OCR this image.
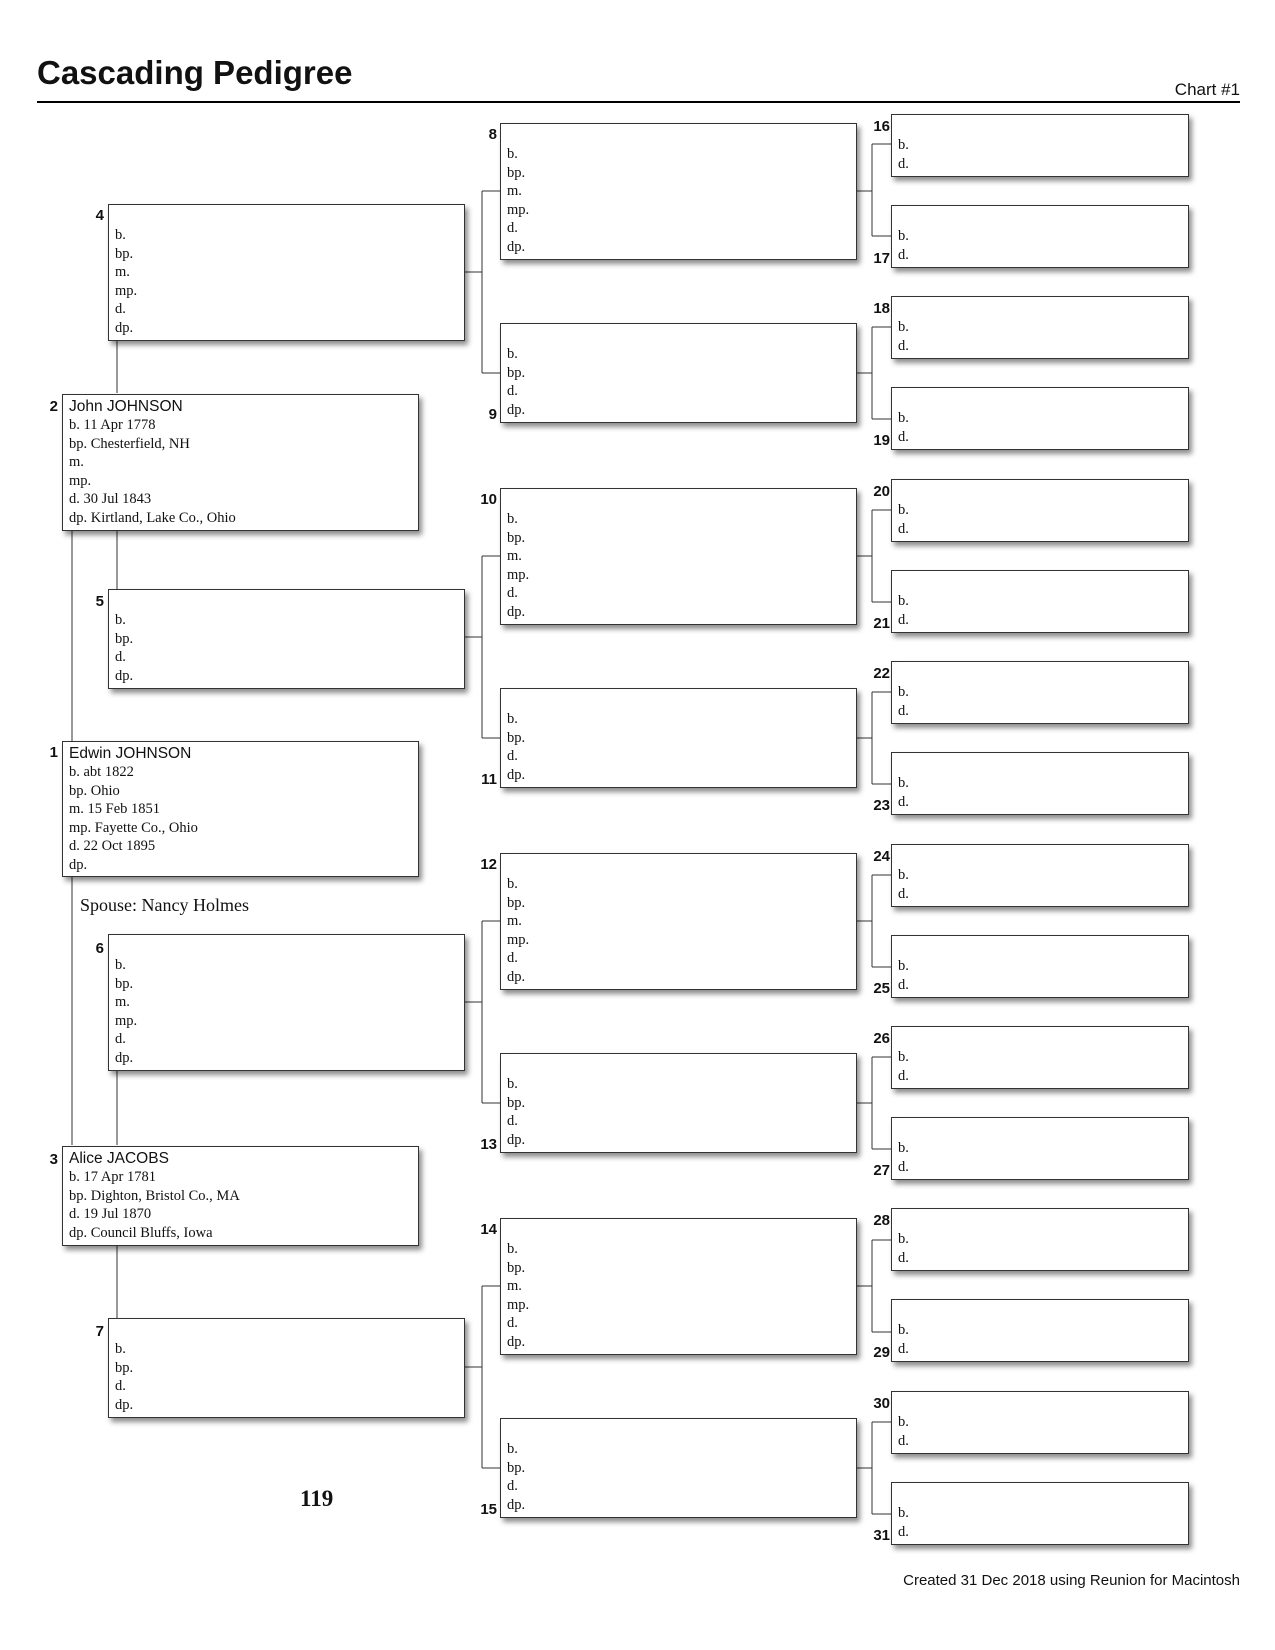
Cascading Pedigree	Chart #1
1 Edwin JOHNSON
b. abt 1822
bp. Ohio
m. 15 Feb 1851
mp. Fayette Co., Ohio
d. 22 Oct 1895
dp.
Spouse: Nancy Holmes
2 John JOHNSON
b. 11 Apr 1778
bp. Chesterfield, NH
m.
mp.
d. 30 Jul 1843
dp. Kirtland, Lake Co., Ohio
3 Alice JACOBS
b. 17 Apr 1781
bp. Dighton, Bristol Co., MA
d. 19 Jul 1870
dp. Council Bluffs, Iowa
4
b.
bp.
m.
mp.
d.
dp.
5
b.
bp.
d.
dp.
6
b.
bp.
m.
mp.
d.
dp.
7
b.
bp.
d.
dp.
8
b.
bp.
m.
mp.
d.
dp.
9
b.
bp.
d.
dp.
10
b.
bp.
m.
mp.
d.
dp.
11
b.
bp.
d.
dp.
12
b.
bp.
m.
mp.
d.
dp.
13
b.
bp.
d.
dp.
14
b.
bp.
m.
mp.
d.
dp.
15
b.
bp.
d.
dp.
16
b.
d.
17
b.
d.
18
b.
d.
19
b.
d.
20
b.
d.
21
b.
d.
22
b.
d.
23
b.
d.
24
b.
d.
25
b.
d.
26
b.
d.
27
b.
d.
28
b.
d.
29
b.
d.
30
b.
d.
31
b.
d.
119
Created 31 Dec 2018 using Reunion for Macintosh
